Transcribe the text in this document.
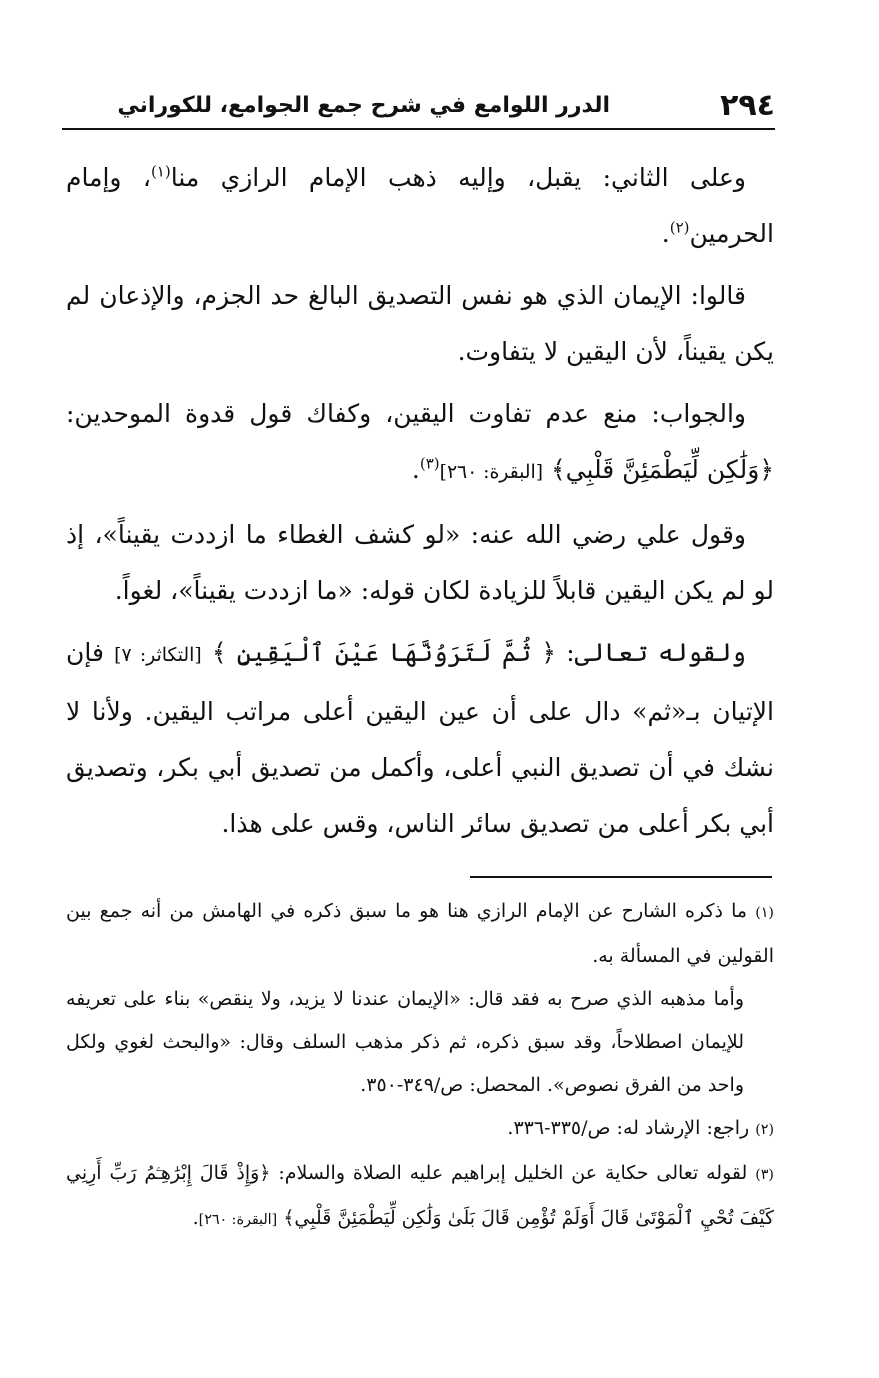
٢٩٤
الدرر اللوامع في شرح جمع الجوامع، للكوراني

وعلى الثاني: يقبل، وإليه ذهب الإمام الرازي منا$^{(١)}$، وإمام الحرمين$^{(٢)}$.

قالوا: الإيمان الذي هو نفس التصديق البالغ حد الجزم، والإذعان لم يكن يقيناً، لأن اليقين لا يتفاوت.

والجواب: منع عدم تفاوت اليقين، وكفاك قول قدوة الموحدين: ﴿وَلَٰكِن لِّيَطْمَئِنَّ قَلْبِي﴾ [البقرة: ٢٦٠]$^{(٣)}$.

وقول علي رضي الله عنه: «لو كشف الغطاء ما ازددت يقيناً»، إذ لو لم يكن اليقين قابلاً للزيادة لكان قوله: «ما ازددت يقيناً»، لغواً.

ولقوله تعالى: ﴿ ثُمَّ لَتَرَوُنَّهَا عَيْنَ ٱلْيَقِينِ ﴾ [التكاثر: ٧] فإن الإتيان بـ«ثم» دال على أن عين اليقين أعلى مراتب اليقين. ولأنا لا نشك في أن تصديق النبي أعلى، وأكمل من تصديق أبي بكر، وتصديق أبي بكر أعلى من تصديق سائر الناس، وقس على هذا.

(١) ما ذكره الشارح عن الإمام الرازي هنا هو ما سبق ذكره في الهامش من أنه جمع بين القولين في المسألة به.

وأما مذهبه الذي صرح به فقد قال: «الإيمان عندنا لا يزيد، ولا ينقص» بناء على تعريفه للإيمان اصطلاحاً، وقد سبق ذكره، ثم ذكر مذهب السلف وقال: «والبحث لغوي ولكل واحد من الفرق نصوص». المحصل: ص/٣٤٩-٣٥٠.

(٢) راجع: الإرشاد له: ص/٣٣٥-٣٣٦.

(٣) لقوله تعالى حكاية عن الخليل إبراهيم عليه الصلاة والسلام: ﴿وَإِذْ قَالَ إِبْرَٰهِـۧمُ رَبِّ أَرِنِي كَيْفَ تُحْيِ ٱلْمَوْتَىٰ قَالَ أَوَلَمْ تُؤْمِن قَالَ بَلَىٰ وَلَٰكِن لِّيَطْمَئِنَّ قَلْبِي﴾ [البقرة: ٢٦٠].
